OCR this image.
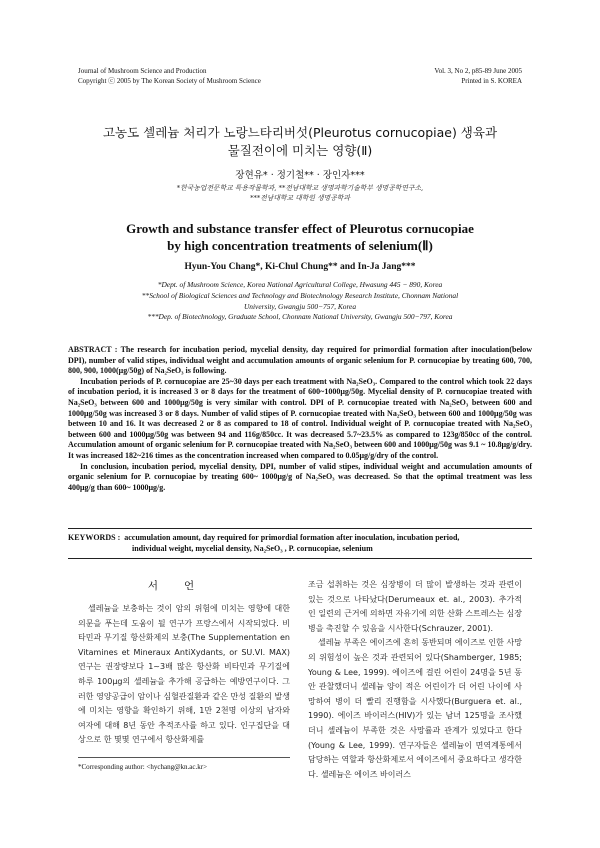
Journal of Mushroom Science and Production
Copyright ⓒ 2005 by The Korean Society of Mushroom Science
Vol. 3, No 2, p85-89 June 2005
Printed in S. KOREA
고농도 셀레늄 처리가 노랑느타리버섯(Pleurotus cornucopiae) 생육과
물질전이에 미치는 영향(Ⅱ)
장현유* · 정기철** · 장인자***
*한국농업전문학교 특용작물학과, **전남대학교 생명과학기술학부 생명공학연구소,
***전남대학교 대학원 생명공학과
Growth and substance transfer effect of Pleurotus cornucopiae
by high concentration treatments of selenium(Ⅱ)
Hyun-You Chang*, Ki-Chul Chung** and In-Ja Jang***
*Dept. of Mushroom Science, Korea National Agricultural College, Hwasung 445 − 890, Korea
**School of Biological Sciences and Technology and Biotechnology Research Institute, Chonnam National
University, Gwangju 500−757, Korea
***Dep. of Biotechnology, Graduate School, Chonnam National University, Gwangju 500−797, Korea

ABSTRACT : The research for incubation period, mycelial density, day required for primordial formation after inoculation(below DPI), number of valid stipes, individual weight and accumulation amounts of organic selenium for P. cornucopiae by treating 600, 700, 800, 900, 1000(μg/50g) of Na₂SeO₃ is following.

Incubation periods of P. cornucopiae are 25~30 days per each treatment with Na₂SeO₃. Compared to the control which took 22 days of incubation period, it is increased 3 or 8 days for the treatment of 600~1000μg/50g. Mycelial density of P. cornucopiae treated with Na₂SeO₃ between 600 and 1000μg/50g is very similar with control. DPI of P. cornucopiae treated with Na₂SeO₃ between 600 and 1000μg/50g was increased 3 or 8 days. Number of valid stipes of P. cornucopiae treated with Na₂SeO₃ between 600 and 1000μg/50g was between 10 and 16. It was decreased 2 or 8 as compared to 18 of control. Individual weight of P. cornucopiae treated with Na₂SeO₃ between 600 and 1000μg/50g was between 94 and 116g/850cc. It was decreased 5.7~23.5% as compared to 123g/850cc of the control. Accumulation amount of organic selenium for P. cornucopiae treated with Na₂SeO₃ between 600 and 1000μg/50g was 9.1 ~ 10.8μg/g/dry. It was increased 182~216 times as the concentration increased when compared to 0.05μg/g/dry of the control.

In conclusion, incubation period, mycelial density, DPI, number of valid stipes, individual weight and accumulation amounts of organic selenium for P. cornucopiae by treating 600~ 1000μg/g of Na₂SeO₃ was decreased. So that the optimal treatment was less 400μg/g than 600~ 1000μg/g.

KEYWORDS : accumulation amount, day required for primordial formation after inoculation, incubation period,
individual weight, mycelial density, Na₂SeO₃ , P. cornucopiae, selenium
서언

셀레늄을 보충하는 것이 암의 위험에 미치는 영향에 대한 의문을 푸는데 도움이 될 연구가 프랑스에서 시작되었다. 비타민과 무기질 항산화제의 보충(The Supplementation en Vitamines et Mineraux AntiXydants, or SU.VI. MAX) 연구는 권장량보다 1~3배 많은 항산화 비타민과 무기질에 하루 100μg의 셀레늄을 추가해 공급하는 예방연구이다. 그러한 영양공급이 암이나 심혈관질환과 같은 만성 질환의 발생에 미치는 영향을 확인하기 위해, 1만 2천명 이상의 남자와 여자에 대해 8년 동안 추적조사를 하고 있다. 인구집단을 대상으로 한 몇몇 연구에서 항산화제를

조금 섭취하는 것은 심장병이 더 많이 발생하는 것과 관련이 있는 것으로 나타났다(Derumeaux et. al., 2003). 추가적인 일련의 근거에 의하면 자유기에 의한 산화 스트레스는 심장병을 촉진할 수 있음을 시사한다(Schrauzer, 2001).

셀레늄 부족은 에이즈에 흔히 동반되며 에이즈로 인한 사망의 위험성이 높은 것과 관련되어 있다(Shamberger, 1985; Young & Lee, 1999). 에이즈에 걸린 어린이 24명을 5년 동안 관찰했더니 셀레늄 양이 적은 어린이가 더 어린 나이에 사망하여 병이 더 빨리 진행함을 시사했다(Burguera et. al., 1990). 에이즈 바이러스(HIV)가 있는 남녀 125명을 조사했더니 셀레늄이 부족한 것은 사망률과 관계가 있었다고 한다(Young & Lee, 1999). 연구자들은 셀레늄이 면역계통에서 담당하는 역할과 항산화제로서 에이즈에서 중요하다고 생각한다. 셀레늄은 에이즈 바이러스

*Corresponding author: <hychang@kn.ac.kr>
